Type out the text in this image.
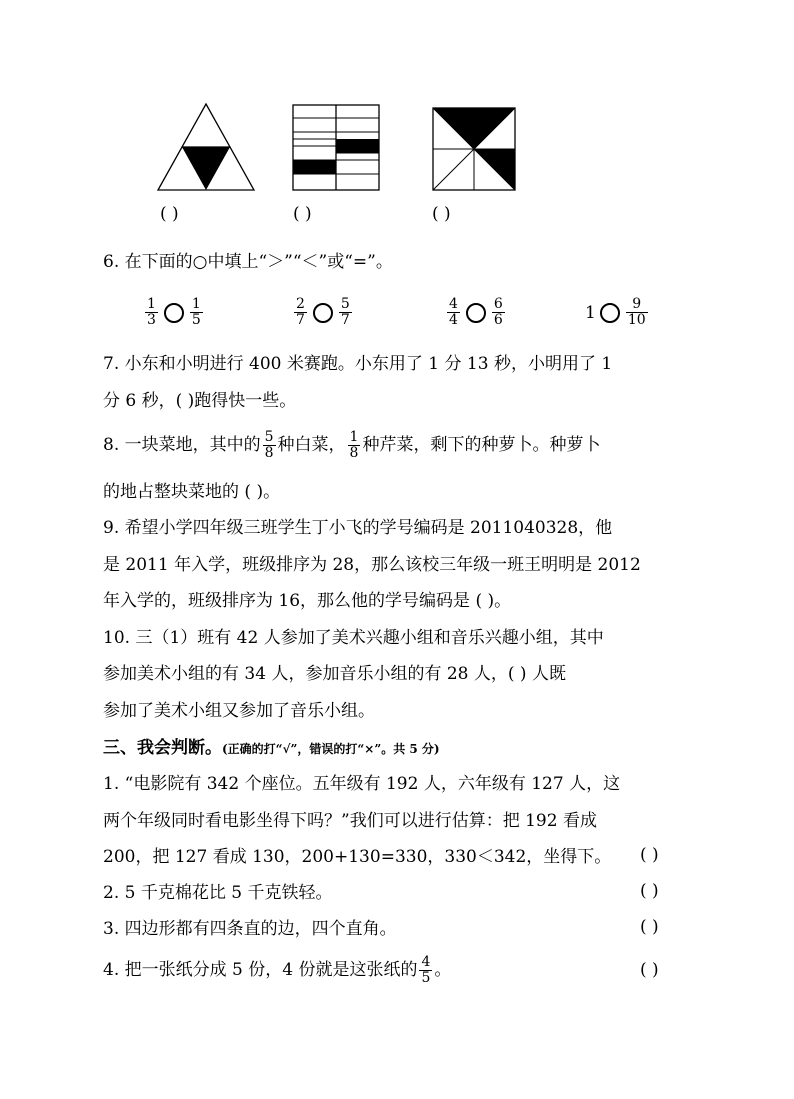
( )	( )	( )
6. 在下面的○中填上“＞”“＜”或“=”。
$\frac{1}{3} \frac{1}{5}$	$\frac{2}{7} \frac{5}{7}$	$\frac{4}{4} \frac{6}{6}$	$1 \frac{9}{10}$
7. 小东和小明进行 400 米赛跑。小东用了 1 分 13 秒，小明用了 1
分 6 秒，( )跑得快一些。
8. 一块菜地，其中的 $\frac{5}{8}$ 种白菜， $\frac{1}{8}$ 种芹菜，剩下的种萝卜。种萝卜
的地占整块菜地的 ( )。
9. 希望小学四年级三班学生丁小飞的学号编码是 2011040328，他
是 2011 年入学，班级排序为 28，那么该校三年级一班王明明是 2012
年入学的，班级排序为 16，那么他的学号编码是 ( )。
10. 三（1）班有 42 人参加了美术兴趣小组和音乐兴趣小组，其中
参加美术小组的有 34 人，参加音乐小组的有 28 人，( ) 人既
参加了美术小组又参加了音乐小组。
三、我会判断。(正确的打“√”，错误的打“×”。共 5 分)
1. “电影院有 342 个座位。五年级有 192 人，六年级有 127 人，这
两个年级同时看电影坐得下吗？”我们可以进行估算：把 192 看成
200，把 127 看成 130，200+130=330，330＜342，坐得下。 ( )
2. 5 千克棉花比 5 千克铁轻。	( )
3. 四边形都有四条直的边，四个直角。	( )
4. 把一张纸分成 5 份，4 份就是这张纸的 $\frac{4}{5}$ 。	( )
